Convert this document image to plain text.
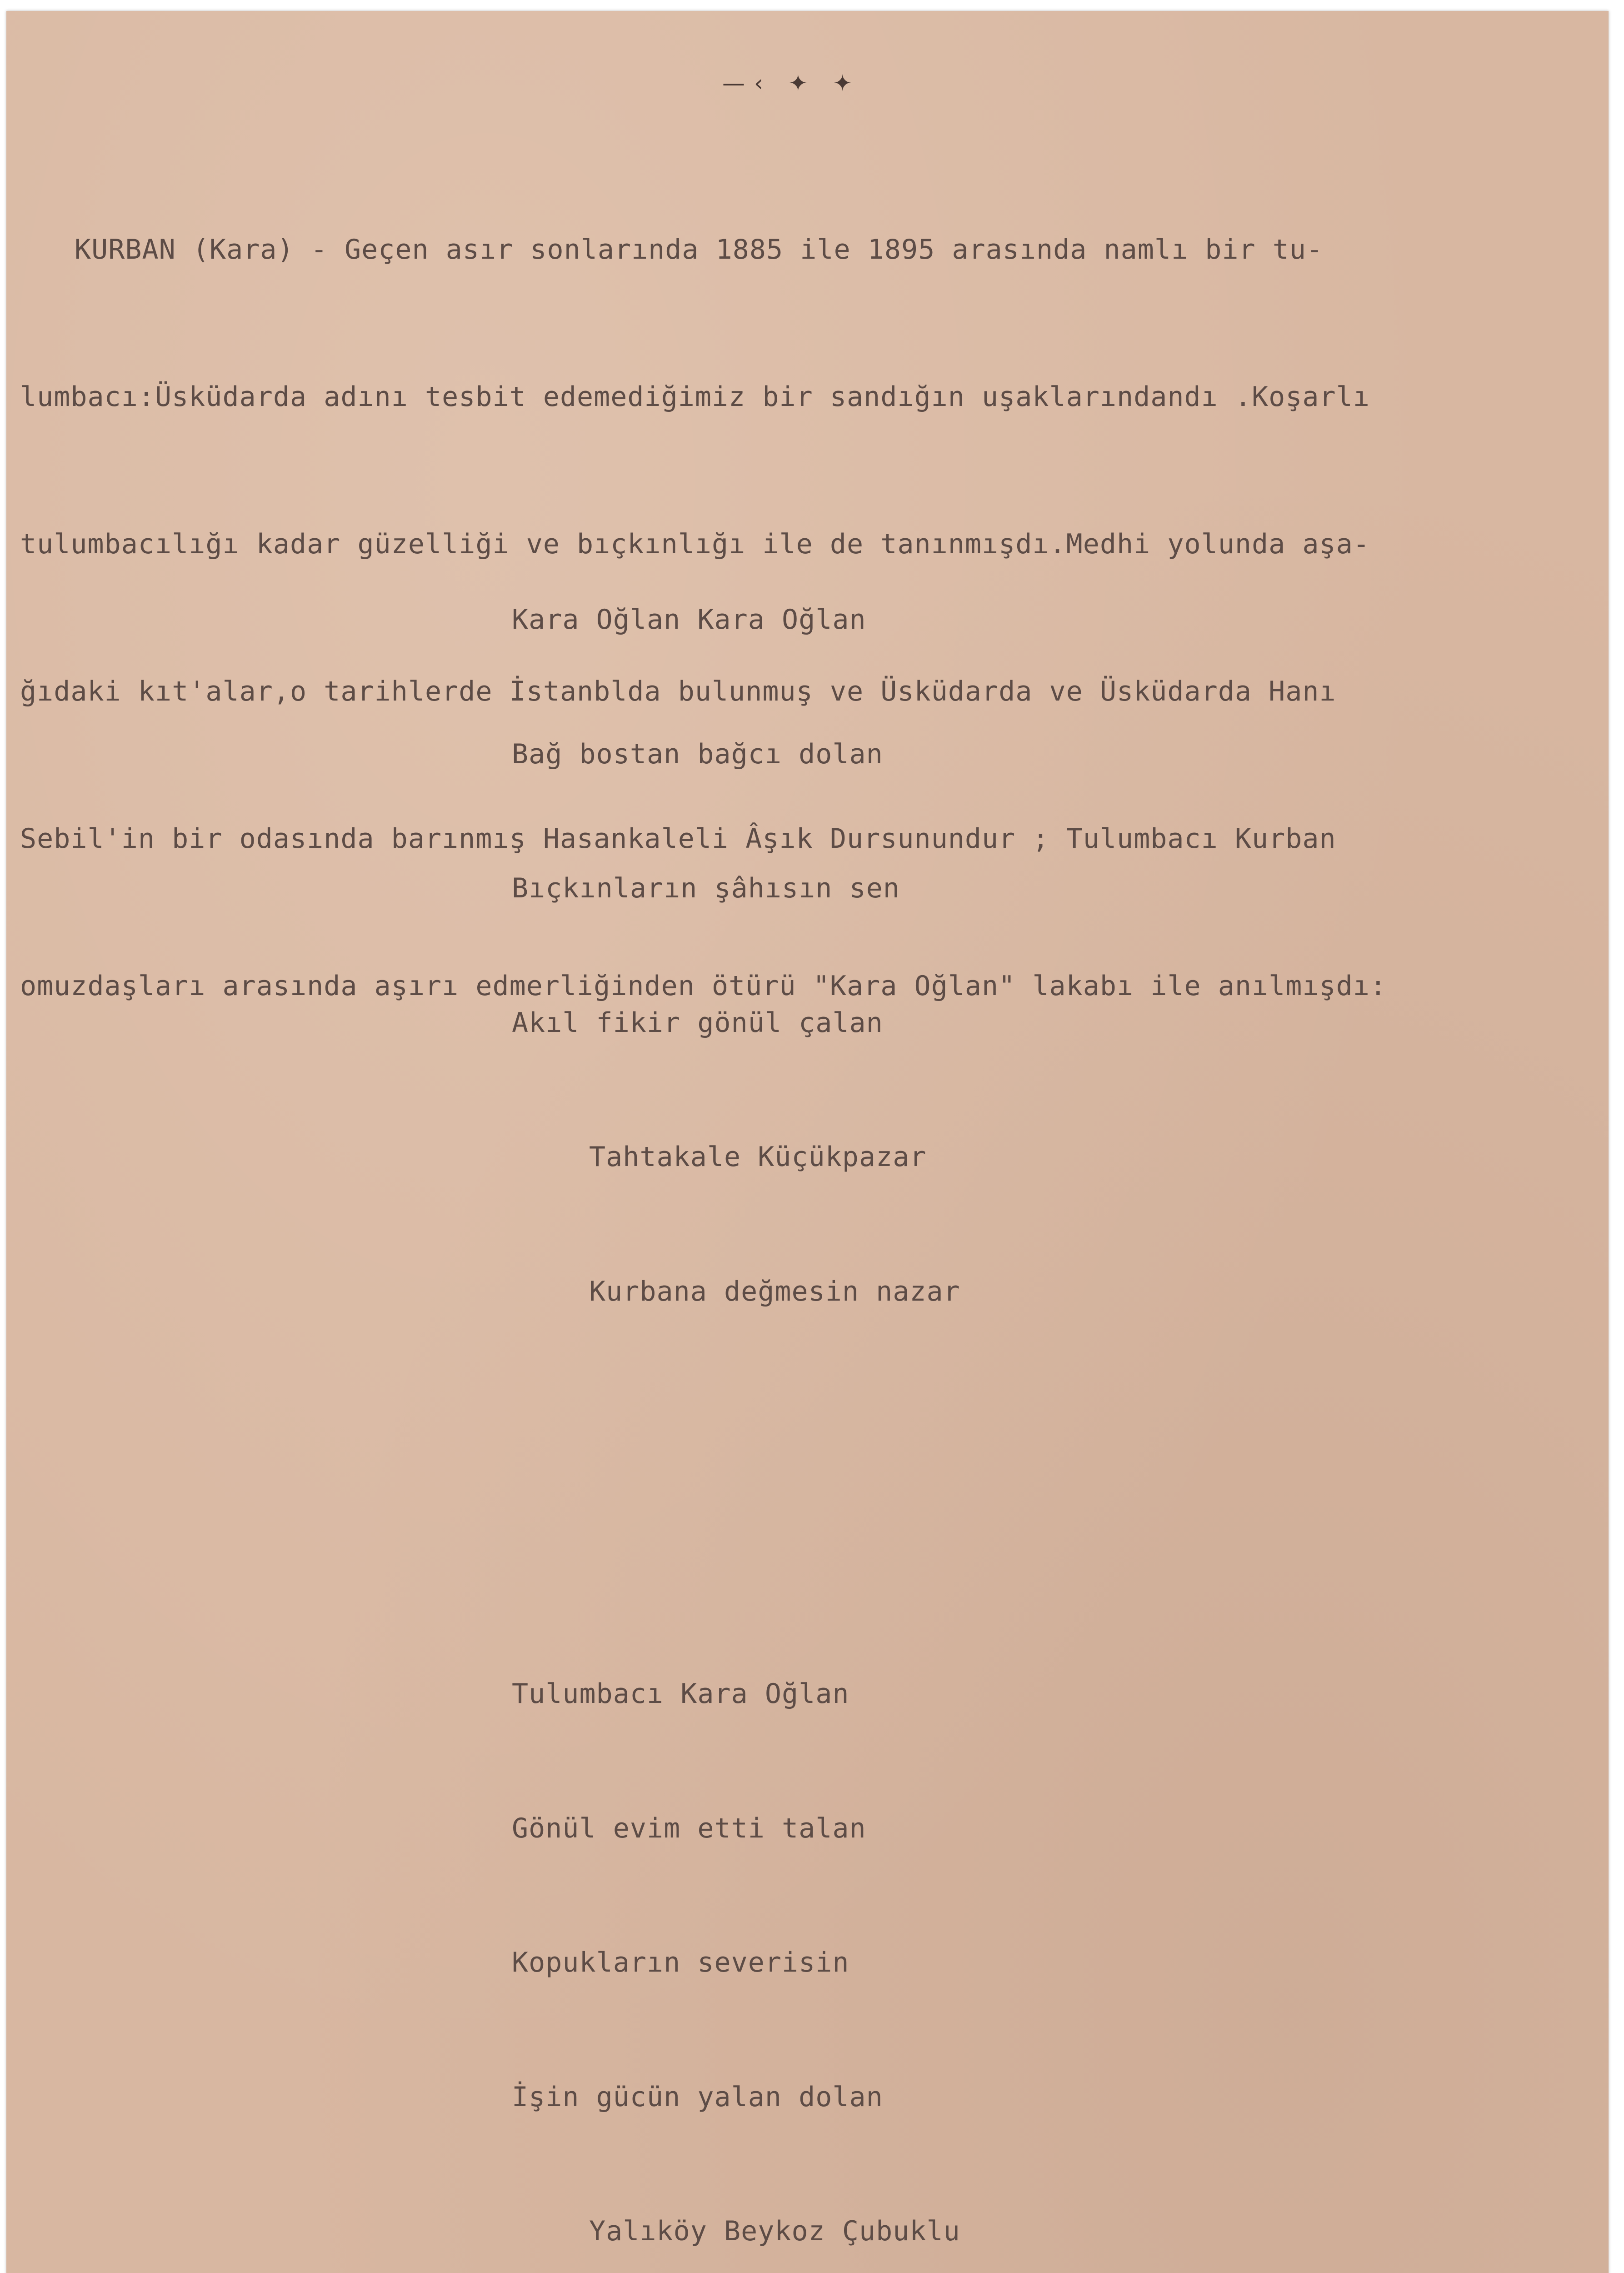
—‹ ✦ ✦

KURBAN (Kara) - Geçen asır sonlarında 1885 ile 1895 arasında namlı bir tu-

lumbacı:Üsküdarda adını tesbit edemediğimiz bir sandığın uşaklarındandı .Koşarlı

tulumbacılığı kadar güzelliği ve bıçkınlığı ile de tanınmışdı.Medhi yolunda aşa-

ğıdaki kıt'alar,o tarihlerde İstanbldа bulunmuş ve Üsküdarda ve Üsküdarda Hanı

Sebil'in bir odasında barınmış Hasankaleli Âşık Dursunundur ; Tulumbacı Kurban

omuzdaşları arasında aşırı edmerliğinden ötürü "Kara Oğlan" lakabı ile anılmışdı:

Kara Oğlan Kara Oğlan

Bağ bostan bağcı dolan

Bıçkınların şâhısın sen

Akıl fikir gönül çalan

Tahtakale Küçükpazar

Kurbana değmesin nazar

Tulumbacı Kara Oğlan

Gönül evim etti talan

Kopukların severisin

İşin gücün yalan dolan

Yalıköy Beykoz Çubuklu
